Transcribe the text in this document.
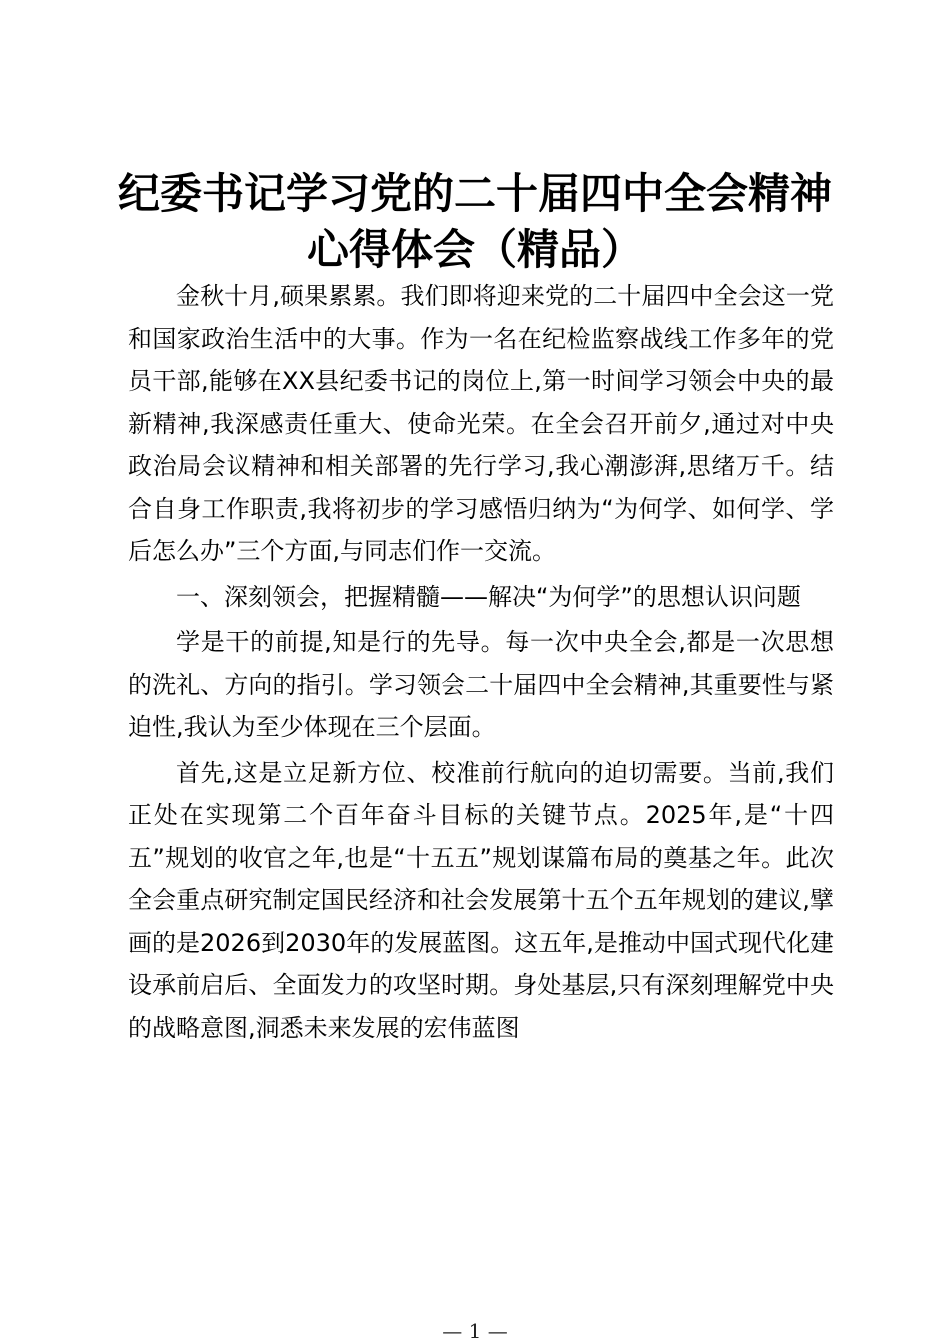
纪委书记学习党的二十届四中全会精神
心得体会（精品）

金秋十月,硕果累累。我们即将迎来党的二十届四中全会这一党和国家政治生活中的大事。作为一名在纪检监察战线工作多年的党员干部,能够在XX县纪委书记的岗位上,第一时间学习领会中央的最新精神,我深感责任重大、使命光荣。在全会召开前夕,通过对中央政治局会议精神和相关部署的先行学习,我心潮澎湃,思绪万千。结合自身工作职责,我将初步的学习感悟归纳为“为何学、如何学、学后怎么办”三个方面,与同志们作一交流。

一、深刻领会，把握精髓——解决“为何学”的思想认识问题

学是干的前提,知是行的先导。每一次中央全会,都是一次思想的洗礼、方向的指引。学习领会二十届四中全会精神,其重要性与紧迫性,我认为至少体现在三个层面。

首先,这是立足新方位、校准前行航向的迫切需要。当前,我们正处在实现第二个百年奋斗目标的关键节点。2025年,是“十四五”规划的收官之年,也是“十五五”规划谋篇布局的奠基之年。此次全会重点研究制定国民经济和社会发展第十五个五年规划的建议,擘画的是2026到2030年的发展蓝图。这五年,是推动中国式现代化建设承前启后、全面发力的攻坚时期。身处基层,只有深刻理解党中央的战略意图,洞悉未来发展的宏伟蓝图

— 1 —
